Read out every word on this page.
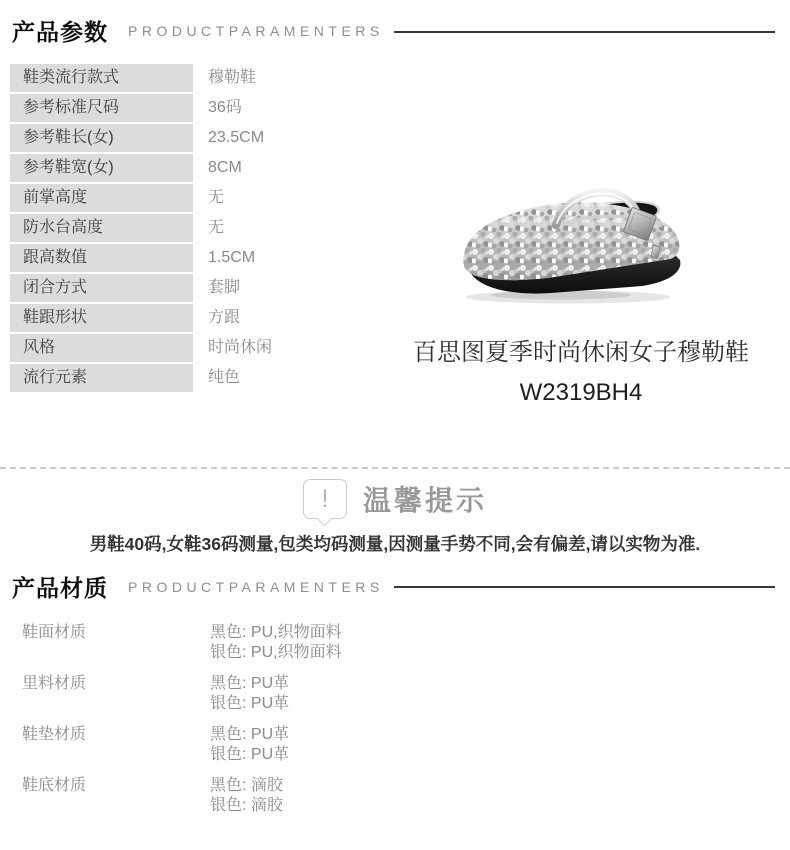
产品参数 PRODUCTPARAMENTERS
鞋类流行款式	穆勒鞋
参考标准尺码	36码
参考鞋长(女)	23.5CM
参考鞋宽(女)	8CM
前掌高度	无
防水台高度	无
跟高数值	1.5CM
闭合方式	套脚
鞋跟形状	方跟
风格	时尚休闲
流行元素	纯色
百思图夏季时尚休闲女子穆勒鞋
W2319BH4
!	温馨提示
男鞋40码,女鞋36码测量,包类均码测量,因测量手势不同,会有偏差,请以实物为准.
产品材质 PRODUCTPARAMENTERS
鞋面材质	黑色: PU,织物面料
银色: PU,织物面料
里料材质	黑色: PU革
银色: PU革
鞋垫材质	黑色: PU革
银色: PU革
鞋底材质	黑色: 滴胶
银色: 滴胶
